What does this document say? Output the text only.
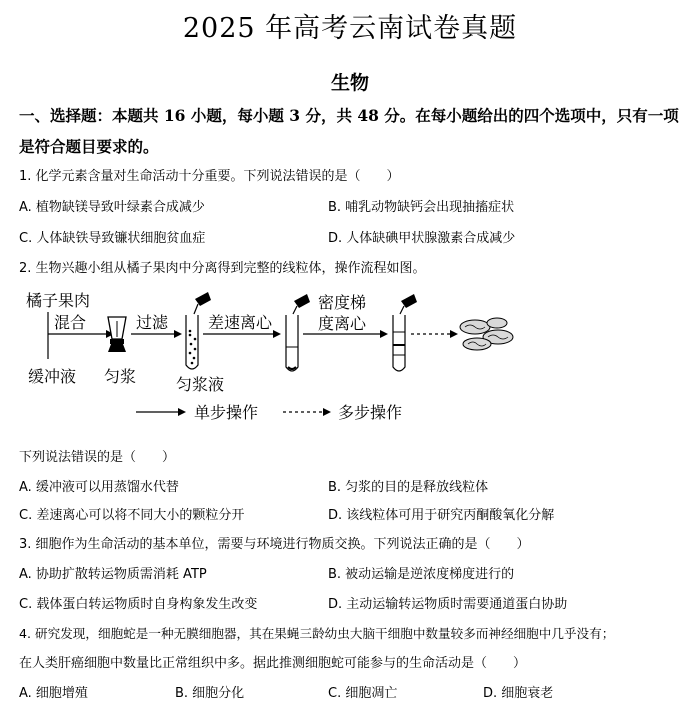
2025 年高考云南试卷真题
生物
一、选择题：本题共 16 小题，每小题 3 分，共 48 分。在每小题给出的四个选项中，只有一项是符合题目要求的。
1. 化学元素含量对生命活动十分重要。下列说法错误的是（　　）
A. 植物缺镁导致叶绿素合成减少	B. 哺乳动物缺钙会出现抽搐症状
C. 人体缺铁导致镰状细胞贫血症	D. 人体缺碘甲状腺激素合成减少
2. 生物兴趣小组从橘子果肉中分离得到完整的线粒体，操作流程如图。
橘子果肉
混合	过滤 差速离心
密度梯
度离心
缓冲液 匀浆 匀浆液
单步操作	多步操作
下列说法错误的是（　　）
A. 缓冲液可以用蒸馏水代替	B. 匀浆的目的是释放线粒体
C. 差速离心可以将不同大小的颗粒分开	D. 该线粒体可用于研究丙酮酸氧化分解
3. 细胞作为生命活动的基本单位，需要与环境进行物质交换。下列说法正确的是（　　）
A. 协助扩散转运物质需消耗 ATP	B. 被动运输是逆浓度梯度进行的
C. 载体蛋白转运物质时自身构象发生改变	D. 主动运输转运物质时需要通道蛋白协助
4. 研究发现，细胞蛇是一种无膜细胞器，其在果蝇三龄幼虫大脑干细胞中数量较多而神经细胞中几乎没有；
在人类肝癌细胞中数量比正常组织中多。据此推测细胞蛇可能参与的生命活动是（　　）
A. 细胞增殖	B. 细胞分化	C. 细胞凋亡	D. 细胞衰老
